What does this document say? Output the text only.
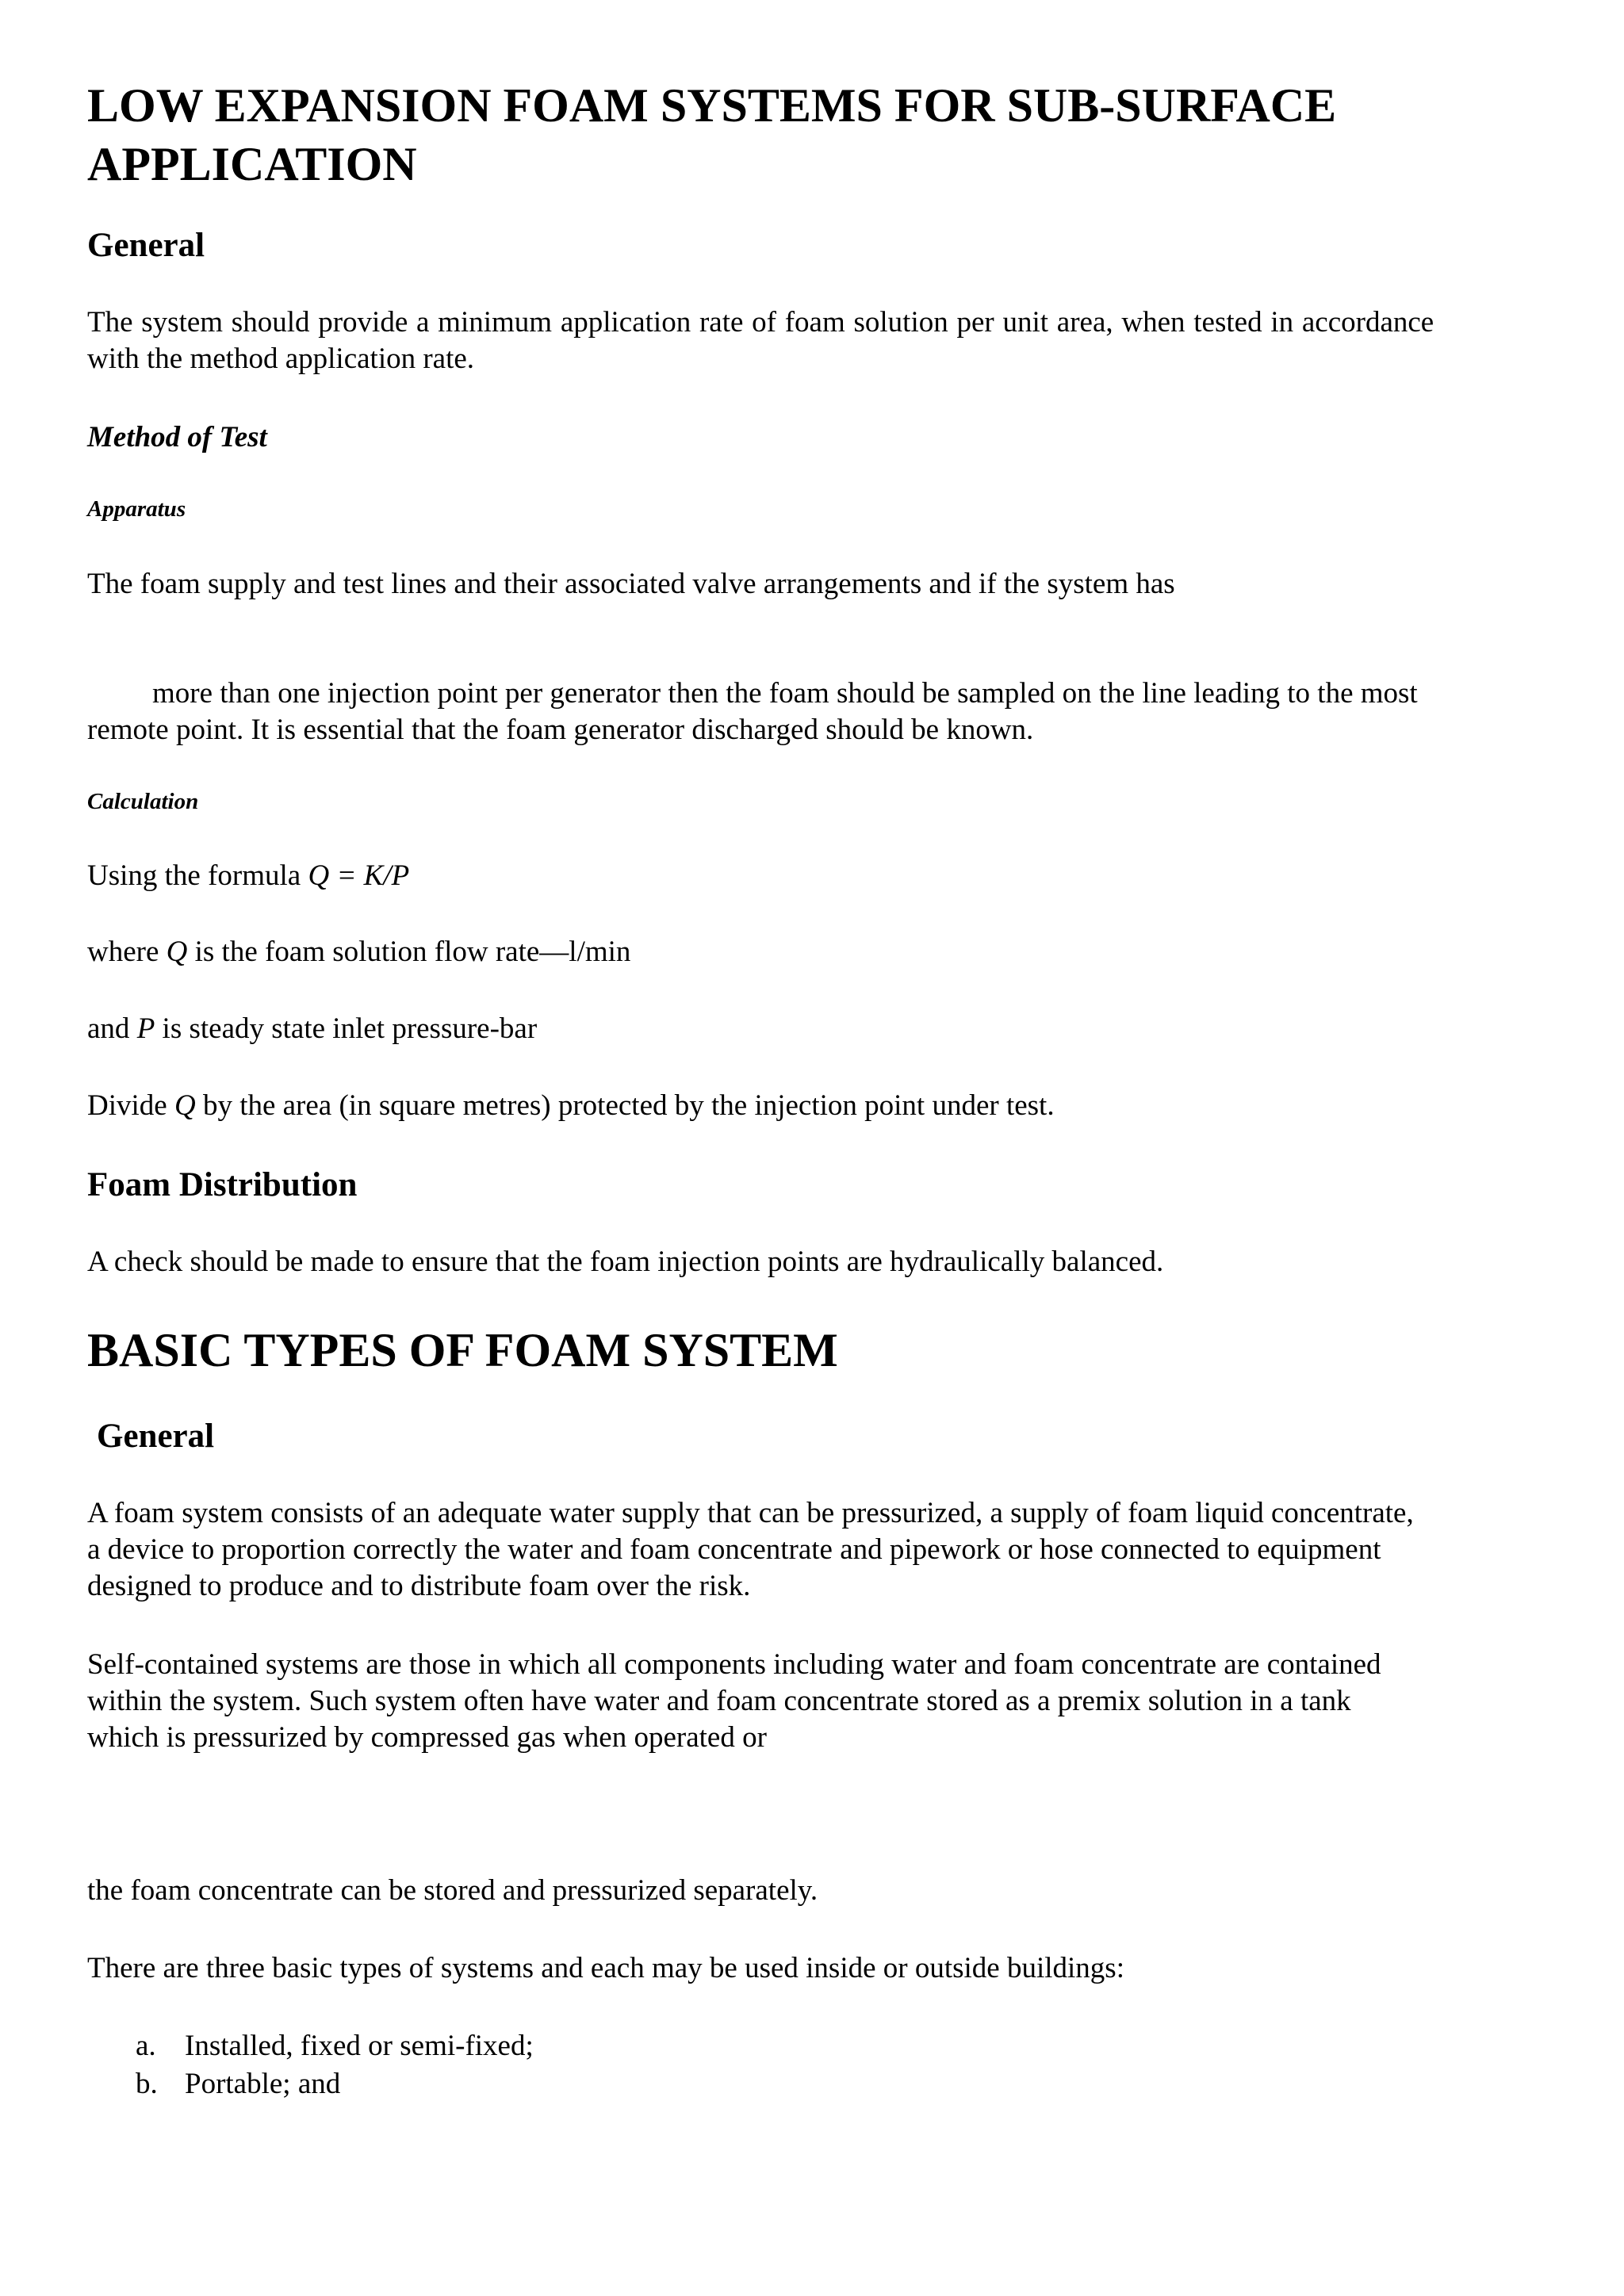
LOW EXPANSION FOAM SYSTEMS FOR SUB-SURFACE
APPLICATION
General

The system should provide a minimum application rate of foam solution per unit area, when tested in accordance
with the method application rate.

Method of Test
Apparatus

The foam supply and test lines and their associated valve arrangements and if the system has

more than one injection point per generator then the foam should be sampled on the line leading to the most
remote point. It is essential that the foam generator discharged should be known.

Calculation

Using the formula Q = K/P

where Q is the foam solution flow rate—l/min

and P is steady state inlet pressure-bar

Divide Q by the area (in square metres) protected by the injection point under test.

Foam Distribution

A check should be made to ensure that the foam injection points are hydraulically balanced.

BASIC TYPES OF FOAM SYSTEM
General

A foam system consists of an adequate water supply that can be pressurized, a supply of foam liquid concentrate,
a device to proportion correctly the water and foam concentrate and pipework or hose connected to equipment
designed to produce and to distribute foam over the risk.

Self-contained systems are those in which all components including water and foam concentrate are contained
within the system. Such system often have water and foam concentrate stored as a premix solution in a tank
which is pressurized by compressed gas when operated or

the foam concentrate can be stored and pressurized separately.

There are three basic types of systems and each may be used inside or outside buildings:

a. Installed, fixed or semi-fixed;
b. Portable; and
